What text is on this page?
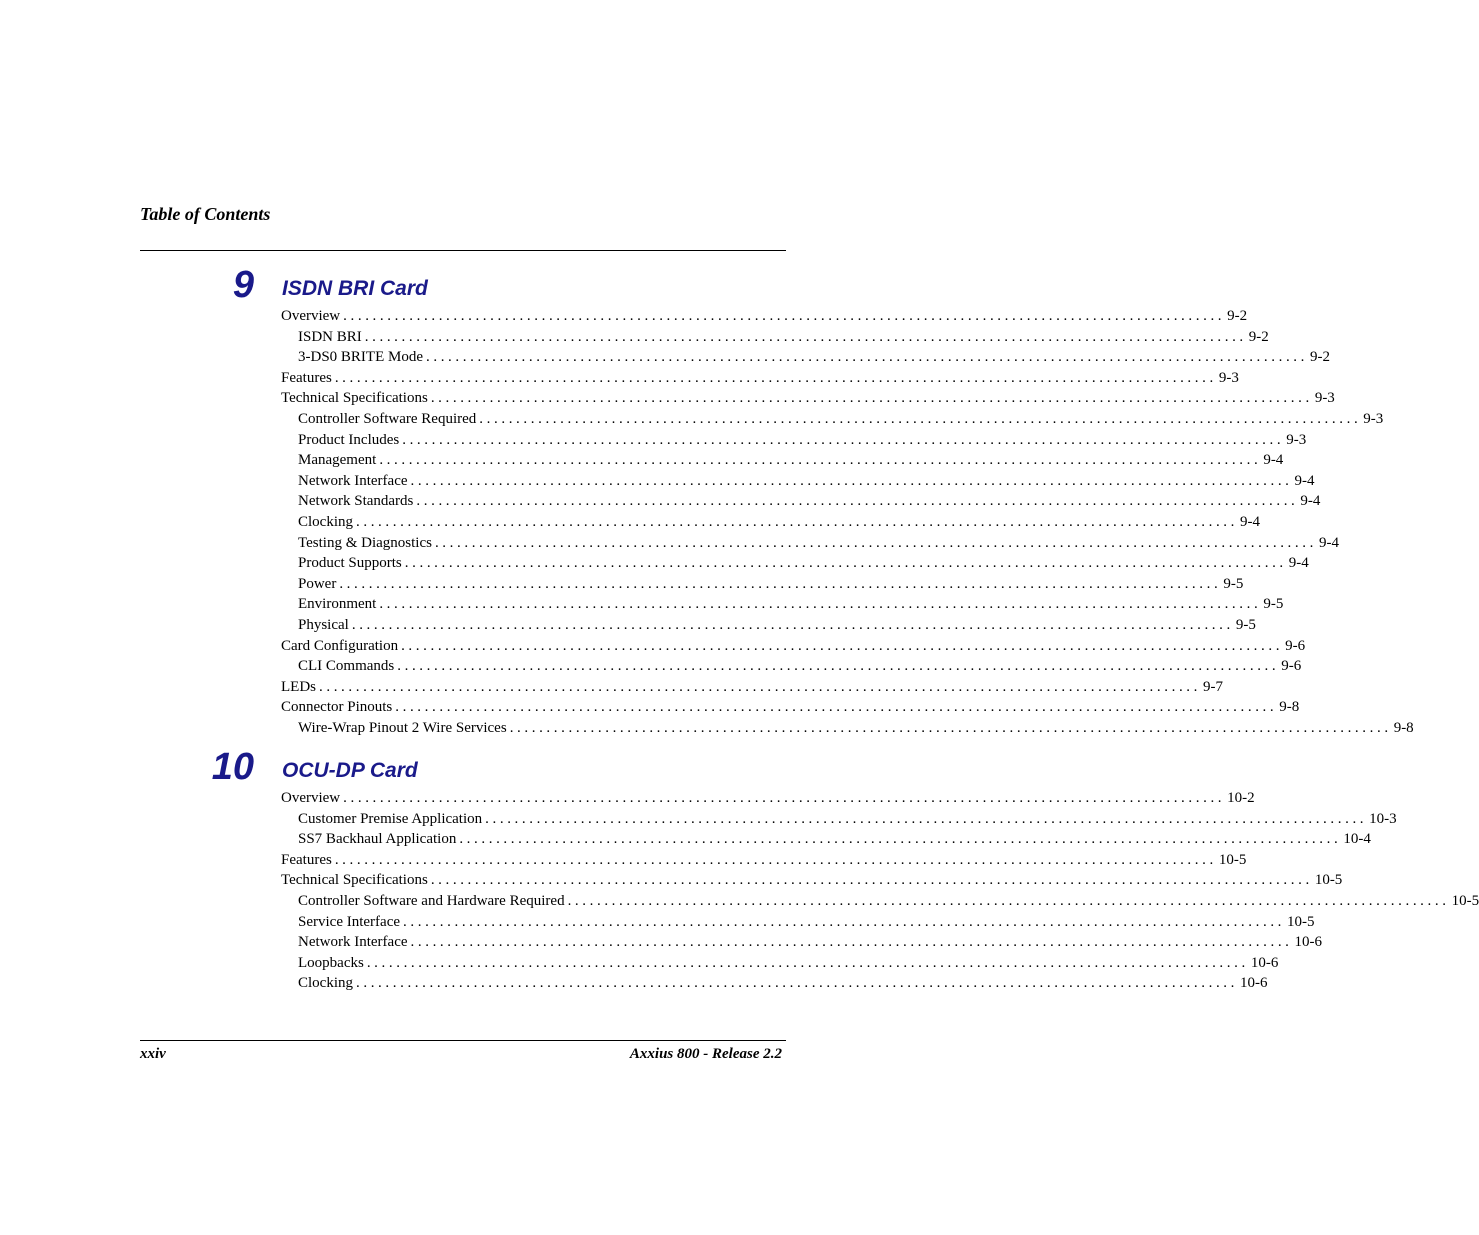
Table of Contents
9 ISDN BRI Card
Overview ........................................................................................................................ 9-2
ISDN BRI ........................................................................................................................ 9-2
3-DS0 BRITE Mode ........................................................................................................................ 9-2
Features ........................................................................................................................ 9-3
Technical Specifications ........................................................................................................................ 9-3
Controller Software Required ........................................................................................................................ 9-3
Product Includes ........................................................................................................................ 9-3
Management ........................................................................................................................ 9-4
Network Interface ........................................................................................................................ 9-4
Network Standards ........................................................................................................................ 9-4
Clocking ........................................................................................................................ 9-4
Testing & Diagnostics ........................................................................................................................ 9-4
Product Supports ........................................................................................................................ 9-4
Power ........................................................................................................................ 9-5
Environment ........................................................................................................................ 9-5
Physical ........................................................................................................................ 9-5
Card Configuration ........................................................................................................................ 9-6
CLI Commands ........................................................................................................................ 9-6
LEDs ........................................................................................................................ 9-7
Connector Pinouts ........................................................................................................................ 9-8
Wire-Wrap Pinout 2 Wire Services ........................................................................................................................ 9-8
10 OCU-DP Card
Overview ........................................................................................................................ 10-2
Customer Premise Application ........................................................................................................................ 10-3
SS7 Backhaul Application ........................................................................................................................ 10-4
Features ........................................................................................................................ 10-5
Technical Specifications ........................................................................................................................ 10-5
Controller Software and Hardware Required ........................................................................................................................ 10-5
Service Interface ........................................................................................................................ 10-5
Network Interface ........................................................................................................................ 10-6
Loopbacks ........................................................................................................................ 10-6
Clocking ........................................................................................................................ 10-6
xxiv	Axxius 800 - Release 2.2
